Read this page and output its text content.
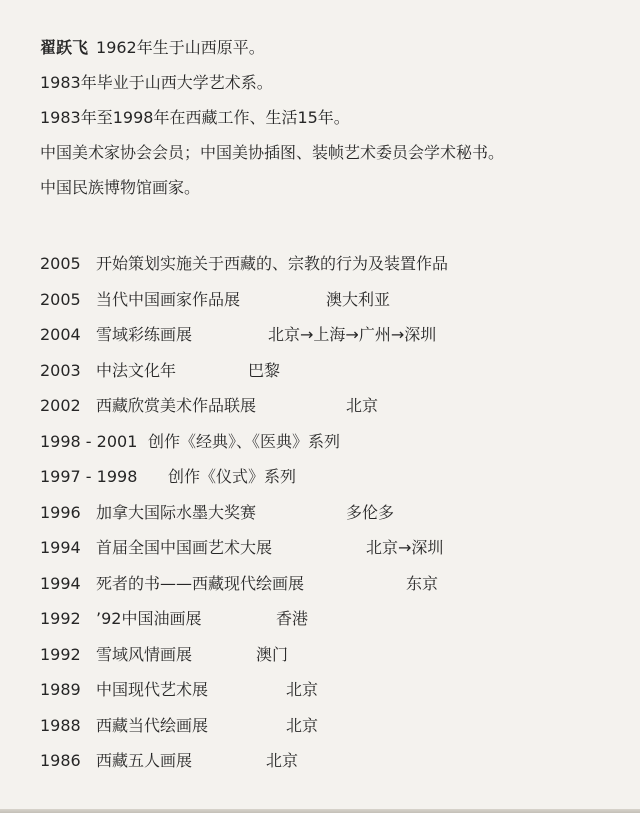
翟跃飞 1962年生于山西原平。
1983年毕业于山西大学艺术系。
1983年至1998年在西藏工作、生活15年。
中国美术家协会会员；中国美协插图、装帧艺术委员会学术秘书。
中国民族博物馆画家。
2005 开始策划实施关于西藏的、宗教的行为及装置作品
2005 当代中国画家作品展	澳大利亚
2004 雪域彩练画展	北京→上海→广州→深圳
2003 中法文化年	巴黎
2002 西藏欣赏美术作品联展	北京
1998 - 2001 创作《经典》、《医典》系列
1997 - 1998 创作《仪式》系列
1996 加拿大国际水墨大奖赛	多伦多
1994 首届全国中国画艺术大展	北京→深圳
1994 死者的书——西藏现代绘画展	东京
1992 ’92中国油画展	香港
1992 雪域风情画展	澳门
1989 中国现代艺术展	北京
1988 西藏当代绘画展	北京
1986 西藏五人画展	北京
